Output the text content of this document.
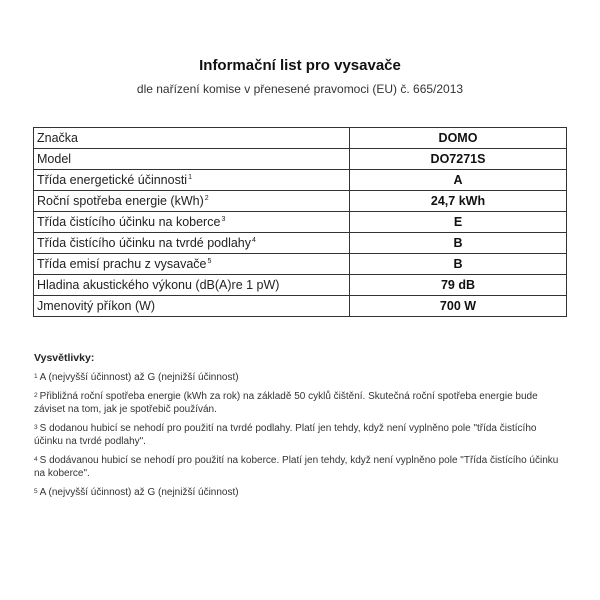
Informační list pro vysavače
dle nařízení komise v přenesené pravomoci (EU) č. 665/2013
Značka	DOMO
Model	DO7271S
Třída energetické účinnosti$^1$	A
Roční spotřeba energie (kWh)$^2$	24,7 kWh
Třída čistícího účinku na koberce$^3$	E
Třída čistícího účinku na tvrdé podlahy$^4$	B
Třída emisí prachu z vysavače$^5$	B
Hladina akustického výkonu (dB(A)re 1 pW)	79 dB
Jmenovitý příkon (W)	700 W
Vysvětlivky:
$^1$ A (nejvyšší účinnost) až G (nejnižší účinnost)
$^2$ Přibližná roční spotřeba energie (kWh za rok) na základě 50 cyklů čištění. Skutečná roční spotřeba energie bude záviset na tom, jak je spotřebič používán.
$^3$ S dodanou hubicí se nehodí pro použití na tvrdé podlahy. Platí jen tehdy, když není vyplněno pole "třída čistícího účinku na tvrdé podlahy".
$^4$ S dodávanou hubicí se nehodí pro použití na koberce. Platí jen tehdy, když není vyplněno pole "Třída čistícího účinku na koberce".
$^5$ A (nejvyšší účinnost) až G (nejnižší účinnost)
